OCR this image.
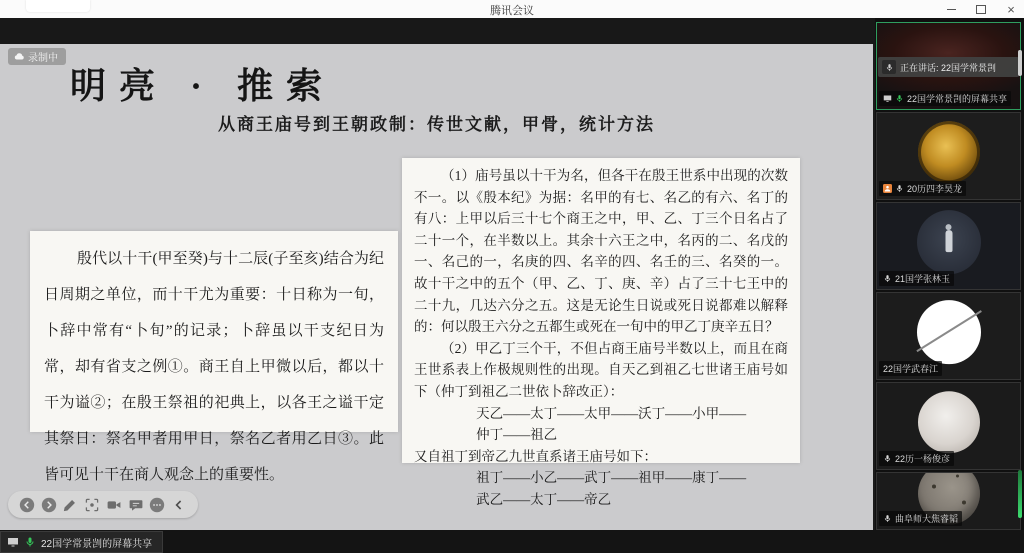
腾讯会议	×
录制中
明亮 · 推索
从商王庙号到王朝政制：传世文献，甲骨，统计方法

殷代以十干(甲至癸)与十二辰(子至亥)结合为纪日周期之单位，而十干尤为重要：十日称为一旬，卜辞中常有“卜旬”的记录；卜辞虽以干支纪日为常，却有省支之例①。商王自上甲微以后，都以十干为谥②；在殷王祭祖的祀典上，以各王之谥干定其祭日：祭名甲者用甲日，祭名乙者用乙日③。此皆可见十干在商人观念上的重要性。

（1）庙号虽以十干为名，但各干在殷王世系中出现的次数不一。以《殷本纪》为据：名甲的有七、名乙的有六、名丁的有八：上甲以后三十七个商王之中，甲、乙、丁三个日名占了二十一个，在半数以上。其余十六王之中，名丙的二、名戊的一、名己的一，名庚的四、名辛的四、名壬的三、名癸的一。故十干之中的五个（甲、乙、丁、庚、辛）占了三十七王中的二十九，几达六分之五。这是无论生日说或死日说都难以解释的：何以殷王六分之五都生或死在一旬中的甲乙丁庚辛五日？

（2）甲乙丁三个干，不但占商王庙号半数以上，而且在商王世系表上作极规则性的出现。自天乙到祖乙七世诸王庙号如下（仲丁到祖乙二世依卜辞改正）：

天乙——太丁——太甲——沃丁——小甲——

仲丁——祖乙

又自祖丁到帝乙九世直系诸王庙号如下：

祖丁——小乙——武丁——祖甲——康丁——

武乙——太丁——帝乙

22国学常景剀的屏幕共享
正在讲话: 22国学常景剀
20历四李昊龙
21国学张林玉
22国学武春江
22历一杨俊彦
曲阜师大焦睿韬
22国学常景剀的屏幕共享
